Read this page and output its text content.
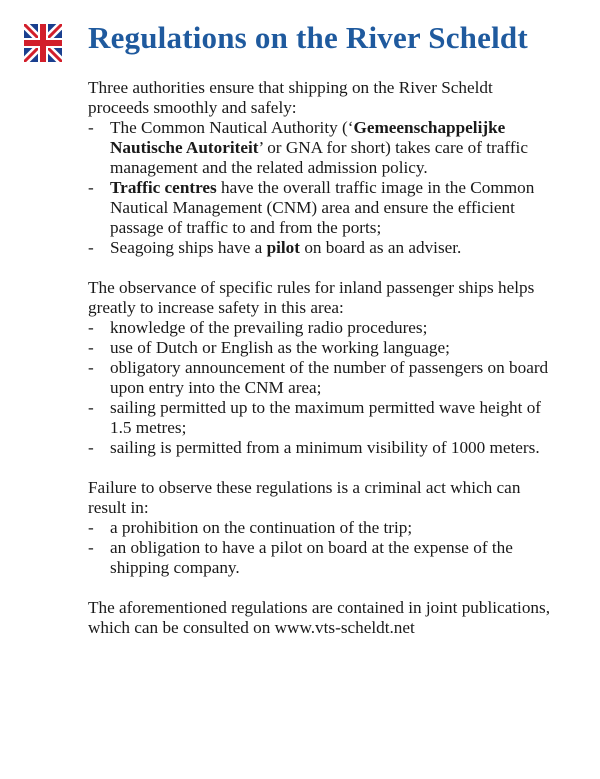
Regulations on the River Scheldt

Three authorities ensure that shipping on the River Scheldt proceeds smoothly and safely:

- The Common Nautical Authority (‘Gemeenschappelijke Nautische Autoriteit’ or GNA for short) takes care of traffic management and the related admission policy.
- Traffic centres have the overall traffic image in the Common Nautical Management (CNM) area and ensure the efficient passage of traffic to and from the ports;
- Seagoing ships have a pilot on board as an adviser.

The observance of specific rules for inland passenger ships helps greatly to increase safety in this area:

- knowledge of the prevailing radio procedures;
- use of Dutch or English as the working language;
- obligatory announcement of the number of passengers on board upon entry into the CNM area;
- sailing permitted up to the maximum permitted wave height of 1.5 metres;
- sailing is permitted from a minimum visibility of 1000 meters.

Failure to observe these regulations is a criminal act which can result in:

- a prohibition on the continuation of the trip;
- an obligation to have a pilot on board at the expense of the shipping company.

The aforementioned regulations are contained in joint publications, which can be consulted on www.vts-scheldt.net
